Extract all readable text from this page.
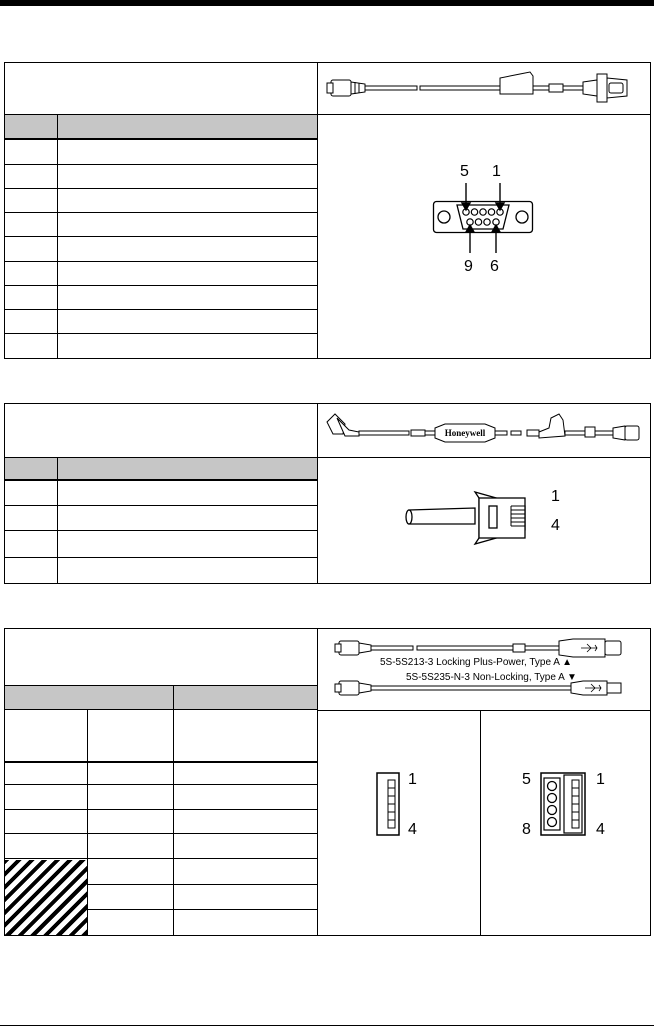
5 1
9 6
Honeywell
1
4
5S-5S213-3 Locking Plus-Power, Type A ▲
5S-5S235-N-3 Non-Locking, Type A ▼
1
4
5	1
8	4
